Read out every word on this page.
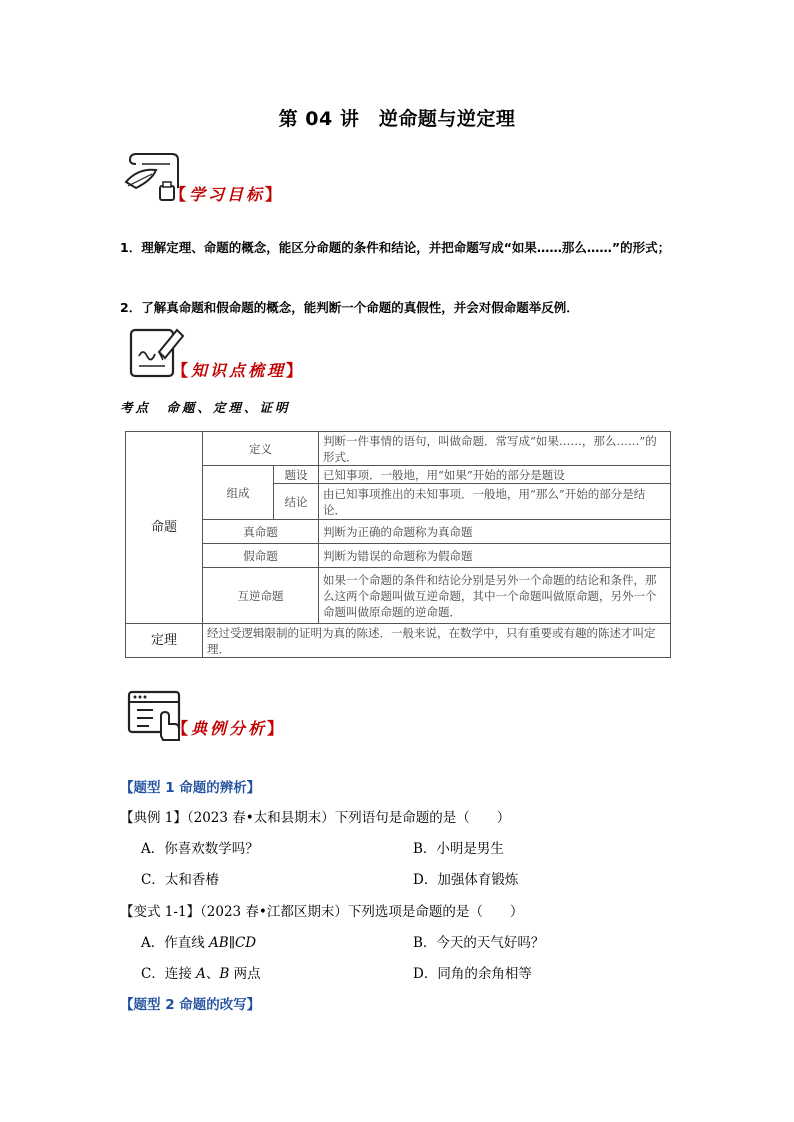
第 04 讲　逆命题与逆定理
【学习目标】
1．理解定理、命题的概念，能区分命题的条件和结论，并把命题写成“如果……那么……”的形式；
2．了解真命题和假命题的概念，能判断一个命题的真假性，并会对假命题举反例．
【知识点梳理】
考点　命题、定理、证明
命题	定义		判断一件事情的语句，叫做命题．常写成“如果……，那么……”的形式．
	组成	题设	已知事项．一般地，用“如果”开始的部分是题设
		结论	由已知事项推出的未知事项．一般地，用“那么”开始的部分是结论．
	真命题		判断为正确的命题称为真命题
	假命题		判断为错误的命题称为假命题
	互逆命题		如果一个命题的条件和结论分别是另外一个命题的结论和条件，那么这两个命题叫做互逆命题，其中一个命题叫做原命题，另外一个命题叫做原命题的逆命题．
定理	经过受逻辑限制的证明为真的陈述．一般来说，在数学中，只有重要或有趣的陈述才叫定理．		
【典例分析】
【题型 1 命题的辨析】
【典例 1】（2023 春•太和县期末）下列语句是命题的是（　　）
A．你喜欢数学吗？	B．小明是男生
C．太和香椿	D．加强体育锻炼
【变式 1-1】（2023 春•江都区期末）下列选项是命题的是（　　）
A．作直线 AB∥CD	B．今天的天气好吗？
C．连接 A、B 两点	D．同角的余角相等
【题型 2 命题的改写】
